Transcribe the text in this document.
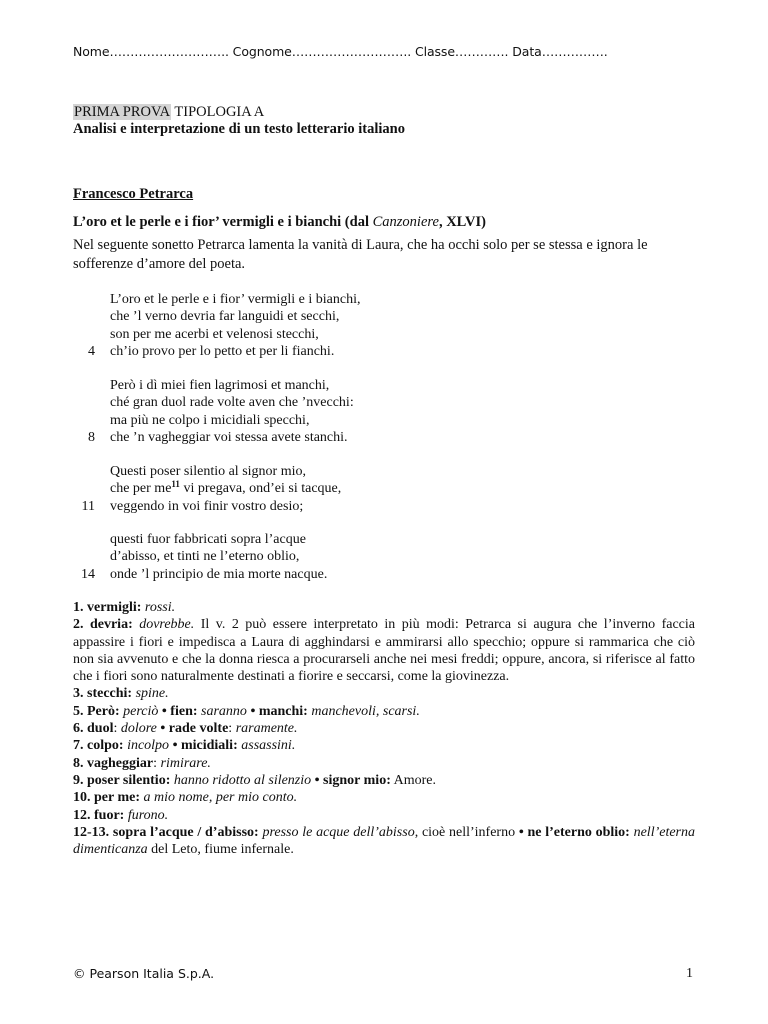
Nome……………………….. Cognome……………………….. Classe…………. Data…………….
PRIMA PROVA TIPOLOGIA A
Analisi e interpretazione di un testo letterario italiano
Francesco Petrarca
L’oro et le perle e i fior’ vermigli e i bianchi (dal Canzoniere, XLVI)
Nel seguente sonetto Petrarca lamenta la vanità di Laura, che ha occhi solo per se stessa e ignora le sofferenze d’amore del poeta.
L’oro et le perle e i fior’ vermigli e i bianchi,
che ’l verno devria far languidi et secchi,
son per me acerbi et velenosi stecchi,
4 ch’io provo per lo petto et per li fianchi.
Però i dì miei fien lagrimosi et manchi,
ché gran duol rade volte aven che ’nvecchi:
ma più ne colpo i micidiali specchi,
8 che ’n vagheggiar voi stessa avete stanchi.
Questi poser silentio al signor mio,
che per $me^{11}$ vi pregava, ond’ei si tacque,
11 veggendo in voi finir vostro desio;
questi fuor fabbricati sopra l’acque
d’abisso, et tinti ne l’eterno oblio,
14 onde ’l principio de mia morte nacque.

1. vermigli: rossi.

2. devria: dovrebbe. Il v. 2 può essere interpretato in più modi: Petrarca si augura che l’inverno faccia appassire i fiori e impedisca a Laura di agghindarsi e ammirarsi allo specchio; oppure si rammarica che ciò non sia avvenuto e che la donna riesca a procurarseli anche nei mesi freddi; oppure, ancora, si riferisce al fatto che i fiori sono naturalmente destinati a fiorire e seccarsi, come la giovinezza.

3. stecchi: spine.

5. Però: perciò • fien: saranno • manchi: manchevoli, scarsi.

6. duol: dolore • rade volte: raramente.

7. colpo: incolpo • micidiali: assassini.

8. vagheggiar: rimirare.

9. poser silentio: hanno ridotto al silenzio • signor mio: Amore.

10. per me: a mio nome, per mio conto.

12. fuor: furono.

12-13. sopra l’acque / d’abisso: presso le acque dell’abisso, cioè nell’inferno • ne l’eterno oblio: nell’eterna dimenticanza del Leto, fiume infernale.

© Pearson Italia S.p.A.	1
